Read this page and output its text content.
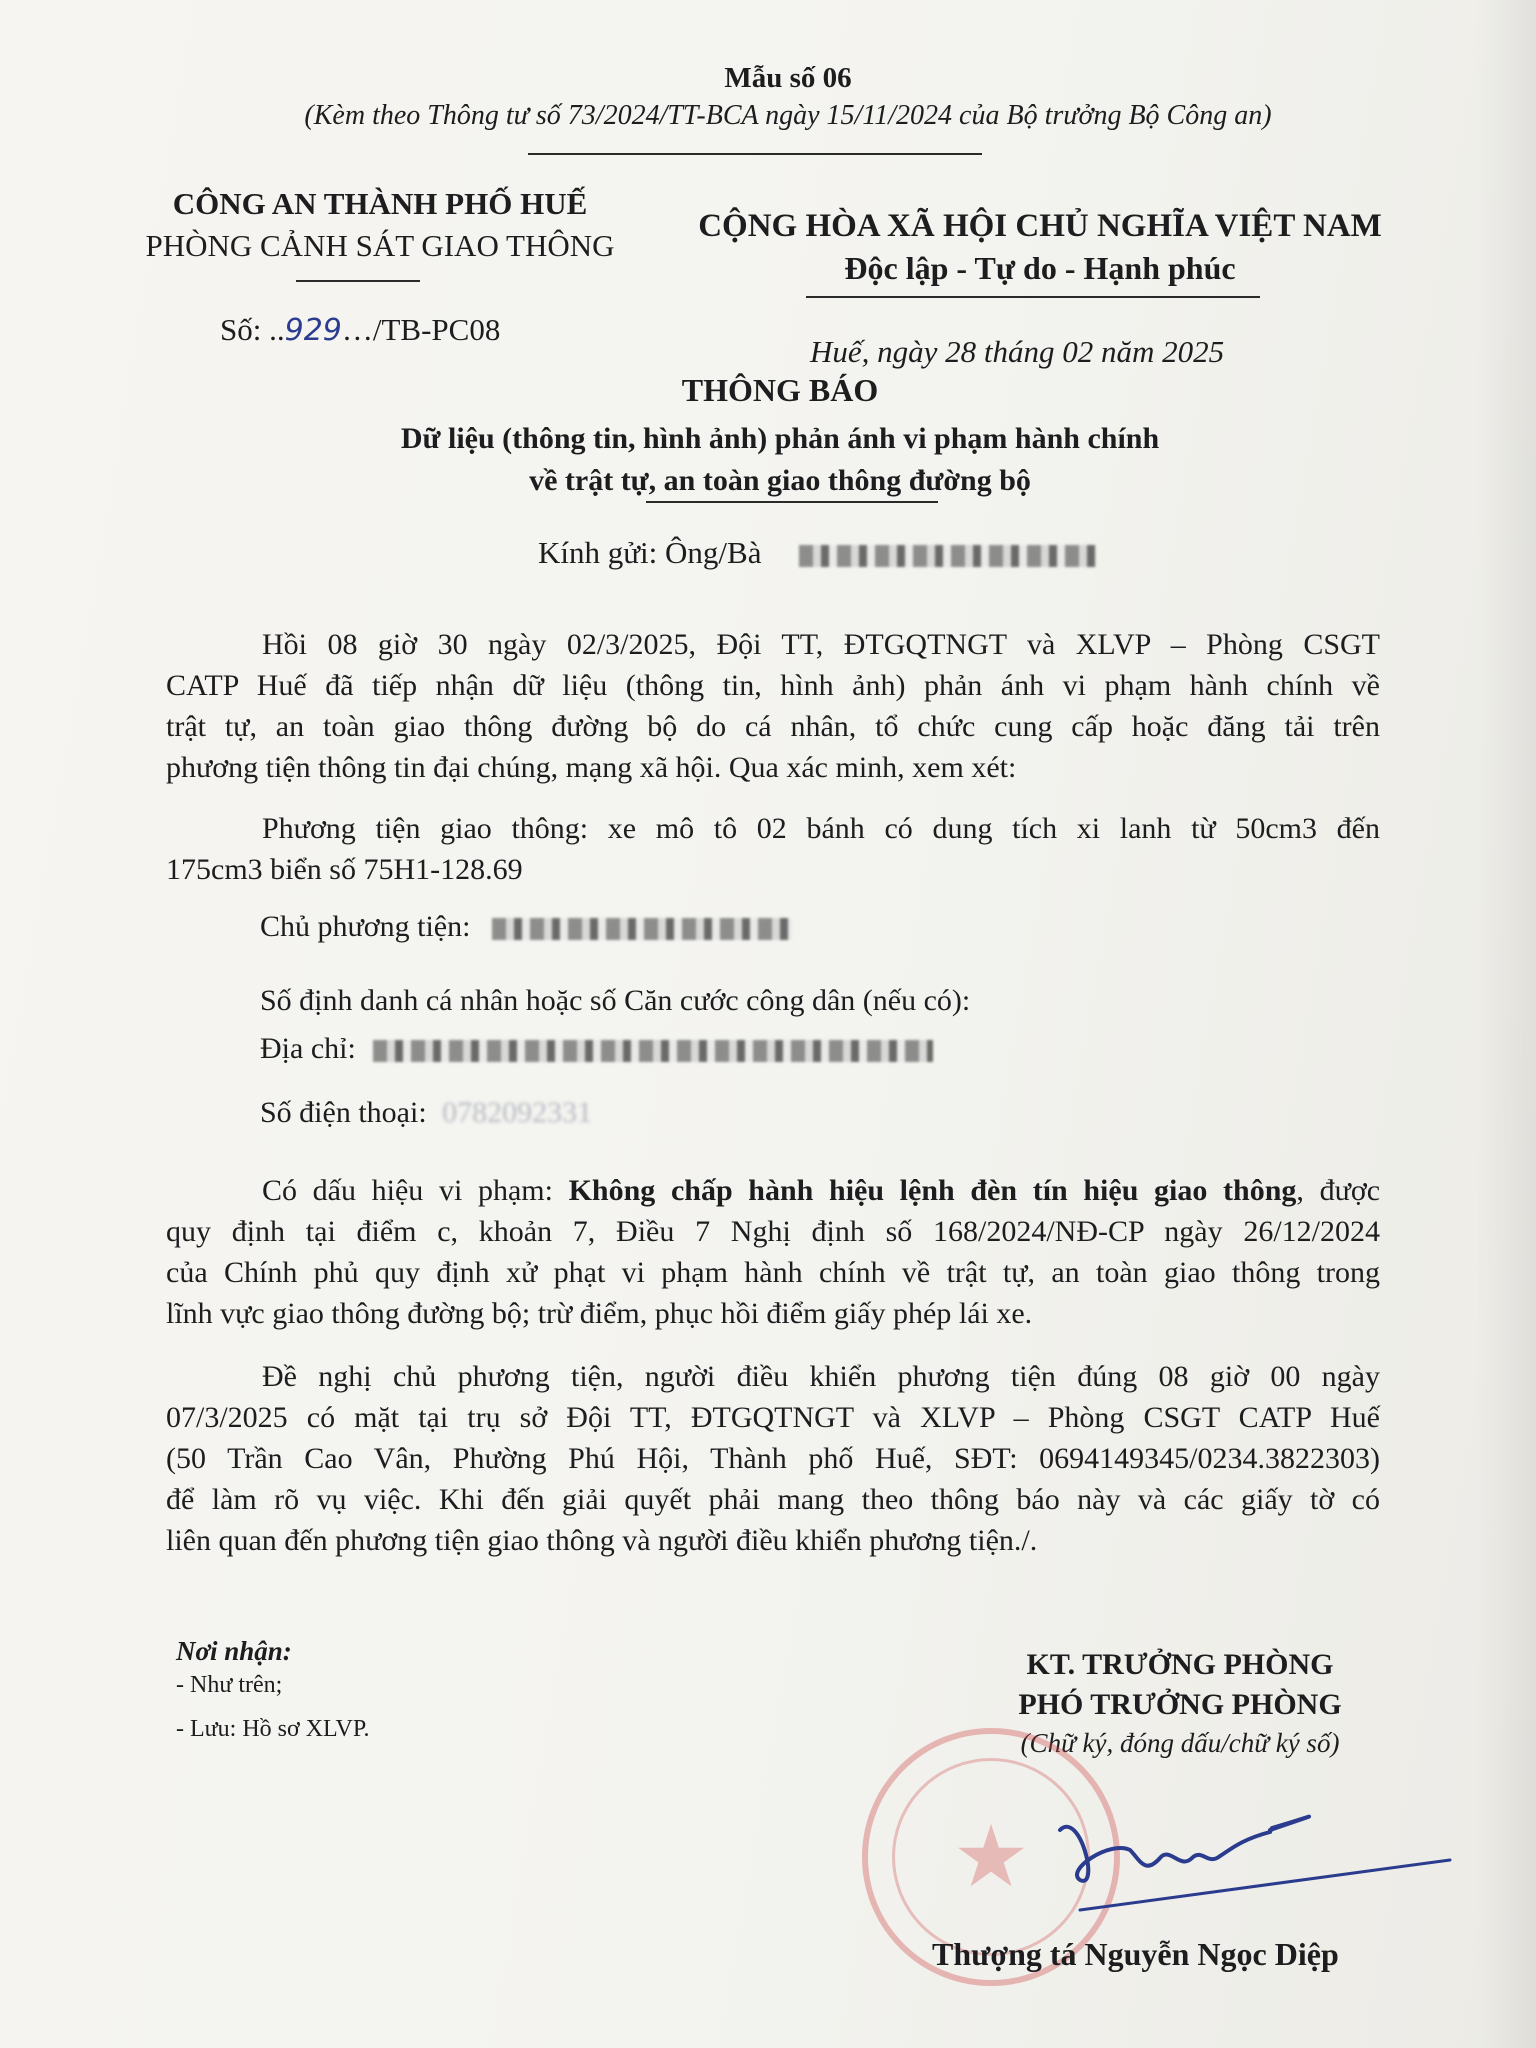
Mẫu số 06
(Kèm theo Thông tư số 73/2024/TT-BCA ngày 15/11/2024 của Bộ trưởng Bộ Công an)
CÔNG AN THÀNH PHỐ HUẾ
PHÒNG CẢNH SÁT GIAO THÔNG
Số: ..929…/TB-PC08
CỘNG HÒA XÃ HỘI CHỦ NGHĨA VIỆT NAM
Độc lập - Tự do - Hạnh phúc
Huế, ngày 28 tháng 02 năm 2025
THÔNG BÁO
Dữ liệu (thông tin, hình ảnh) phản ánh vi phạm hành chính
về trật tự, an toàn giao thông đường bộ
Kính gửi: Ông/Bà
Hồi 08 giờ 30 ngày 02/3/2025, Đội TT, ĐTGQTNGT và XLVP – Phòng CSGT
CATP Huế đã tiếp nhận dữ liệu (thông tin, hình ảnh) phản ánh vi phạm hành chính về
trật tự, an toàn giao thông đường bộ do cá nhân, tổ chức cung cấp hoặc đăng tải trên
phương tiện thông tin đại chúng, mạng xã hội. Qua xác minh, xem xét:
Phương tiện giao thông: xe mô tô 02 bánh có dung tích xi lanh từ 50cm3 đến
175cm3 biển số 75H1-128.69
Chủ phương tiện:
Số định danh cá nhân hoặc số Căn cước công dân (nếu có):
Địa chỉ:
Số điện thoại: 0782092331
Có dấu hiệu vi phạm: Không chấp hành hiệu lệnh đèn tín hiệu giao thông, được
quy định tại điểm c, khoản 7, Điều 7 Nghị định số 168/2024/NĐ-CP ngày 26/12/2024
của Chính phủ quy định xử phạt vi phạm hành chính về trật tự, an toàn giao thông trong
lĩnh vực giao thông đường bộ; trừ điểm, phục hồi điểm giấy phép lái xe.
Đề nghị chủ phương tiện, người điều khiển phương tiện đúng 08 giờ 00 ngày
07/3/2025 có mặt tại trụ sở Đội TT, ĐTGQTNGT và XLVP – Phòng CSGT CATP Huế
(50 Trần Cao Vân, Phường Phú Hội, Thành phố Huế, SĐT: 0694149345/0234.3822303)
để làm rõ vụ việc. Khi đến giải quyết phải mang theo thông báo này và các giấy tờ có
liên quan đến phương tiện giao thông và người điều khiển phương tiện./.
Nơi nhận:
- Như trên;
- Lưu: Hồ sơ XLVP.
KT. TRƯỞNG PHÒNG
PHÓ TRƯỞNG PHÒNG
(Chữ ký, đóng dấu/chữ ký số)
★
Thượng tá Nguyễn Ngọc Diệp
